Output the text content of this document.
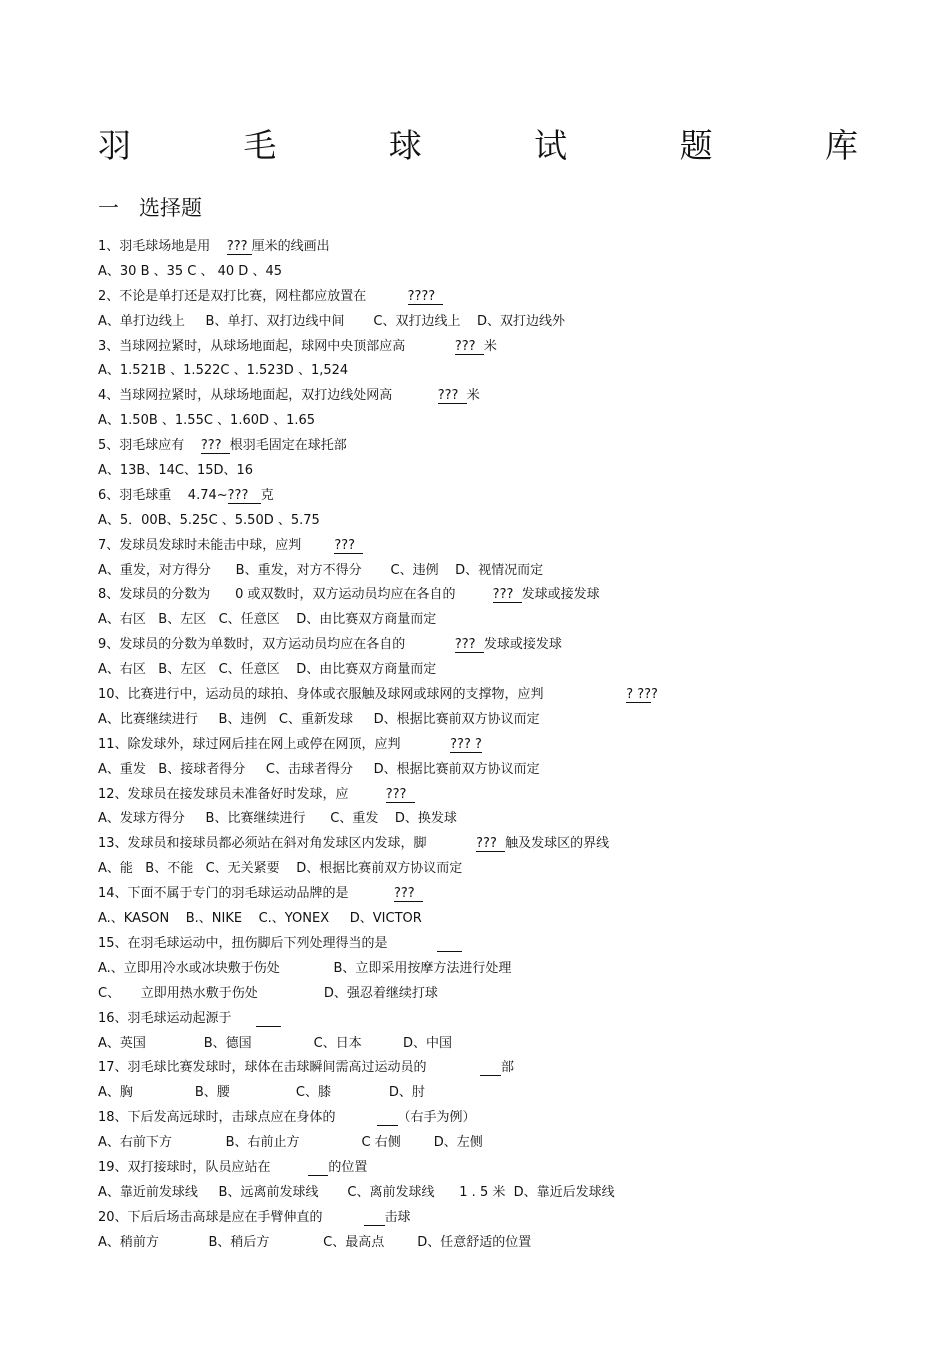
羽	毛	球	试	题	库
一   选择题
1、羽毛球场地是用    ??? 厘米的线画出
A、30 B 、35 C 、 40 D 、45
2、不论是单打还是双打比赛，网柱都应放置在          ????
A、单打边线上     B、单打、双打边线中间       C、双打边线上    D、双打边线外
3、当球网拉紧时，从球场地面起，球网中央顶部应高            ???  米
A、1.521B 、1.522C 、1.523D 、1,524
4、当球网拉紧时，从球场地面起，双打边线处网高           ???  米
A、1.50B 、1.55C 、1.60D 、1.65
5、羽毛球应有    ???  根羽毛固定在球托部
A、13B、14C、15D、16
6、羽毛球重    4.74~???   克
A、5．00B、5.25C 、5.50D 、5.75
7、发球员发球时未能击中球，应判        ???
A、重发，对方得分      B、重发，对方不得分       C、违例    D、视情况而定
8、发球员的分数为      0 或双数时，双方运动员均应在各自的         ???  发球或接发球
A、右区   B、左区   C、任意区    D、由比赛双方商量而定
9、发球员的分数为单数时，双方运动员均应在各自的            ???  发球或接发球
A、右区   B、左区   C、任意区    D、由比赛双方商量而定
10、比赛进行中，运动员的球拍、身体或衣服触及球网或球网的支撑物，应判                    ? ???
A、比赛继续进行     B、违例   C、重新发球     D、根据比赛前双方协议而定
11、除发球外，球过网后挂在网上或停在网顶，应判            ??? ?
A、重发   B、接球者得分     C、击球者得分     D、根据比赛前双方协议而定
12、发球员在接发球员未准备好时发球，应         ???
A、发球方得分     B、比赛继续进行      C、重发    D、换发球
13、发球员和接球员都必须站在斜对角发球区内发球，脚            ???  触及发球区的界线
A、能   B、不能   C、无关紧要    D、根据比赛前双方协议而定
14、下面不属于专门的羽毛球运动品牌的是           ???
A.、KASON    B.、NIKE    C.、YONEX     D、VICTOR
15、在羽毛球运动中，扭伤脚后下列处理得当的是
A.、立即用冷水或冰块敷于伤处             B、立即采用按摩方法进行处理
C、     立即用热水敷于伤处                D、强忍着继续打球
16、羽毛球运动起源于
A、英国              B、德国               C、日本          D、中国
17、羽毛球比赛发球时，球体在击球瞬间需高过运动员的                  部
A、胸               B、腰                C、膝              D、肘
18、下后发高远球时，击球点应在身体的               （右手为例）
A、右前下方             B、右前止方               C 右侧        D、左侧
19、双打接球时，队员应站在              的位置
A、靠近前发球线     B、远离前发球线       C、离前发球线      1 . 5 米  D、靠近后发球线
20、下后后场击高球是应在手臂伸直的               击球
A、稍前方            B、稍后方             C、最高点        D、任意舒适的位置
